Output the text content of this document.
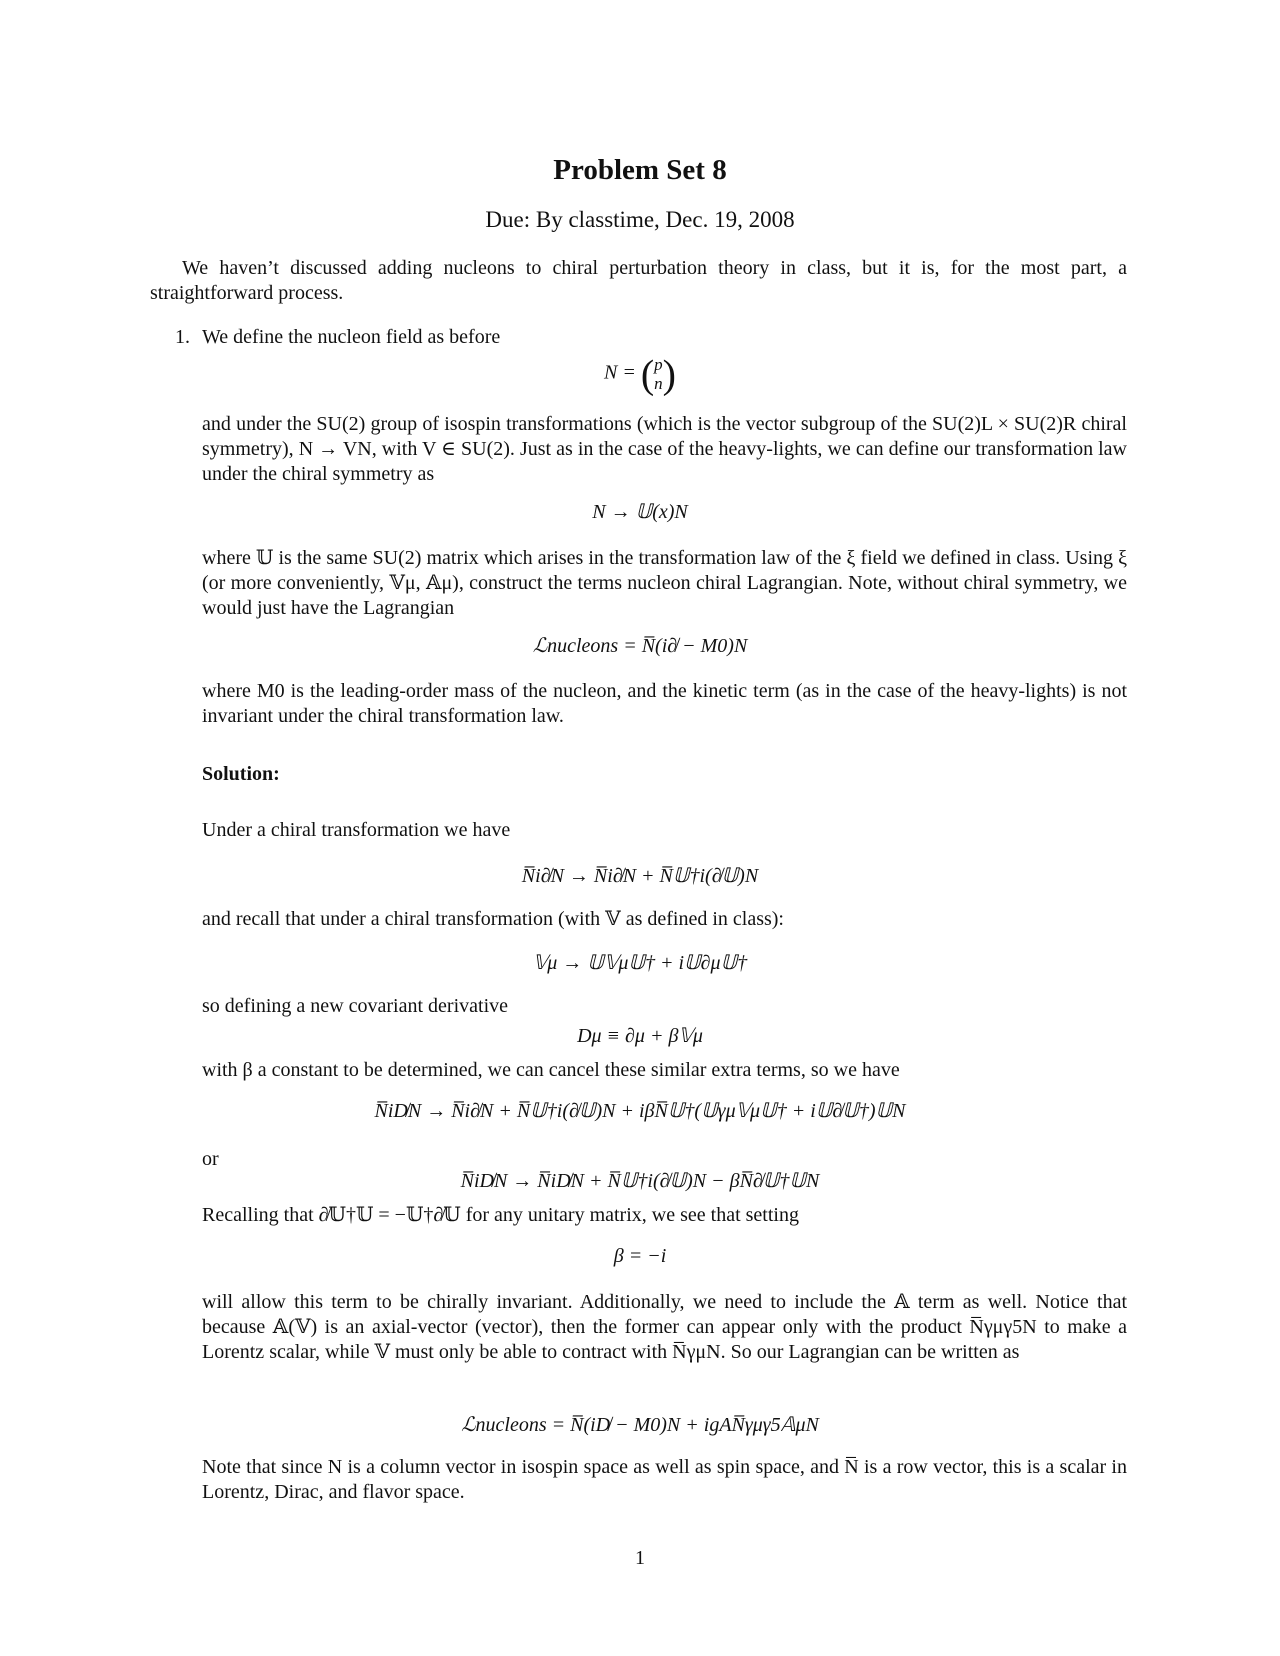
Problem Set 8
Due: By classtime, Dec. 19, 2008

We haven’t discussed adding nucleons to chiral perturbation theory in class, but it is, for the most part, a straightforward process.

1. We define the nucleon field as before

N = (p
n)

and under the SU(2) group of isospin transformations (which is the vector subgroup of the SU(2)L × SU(2)R chiral symmetry), N → VN, with V ∈ SU(2). Just as in the case of the heavy-lights, we can define our transformation law under the chiral symmetry as

N → 𝕌(x)N

where 𝕌 is the same SU(2) matrix which arises in the transformation law of the ξ field we defined in class. Using ξ (or more conveniently, 𝕍μ, 𝔸μ), construct the terms nucleon chiral Lagrangian. Note, without chiral symmetry, we would just have the Lagrangian

ℒnucleons = N̅(i∂̸ − M0)N

where M0 is the leading-order mass of the nucleon, and the kinetic term (as in the case of the heavy-lights) is not invariant under the chiral transformation law.

Solution:

Under a chiral transformation we have

N̅i∂̸N → N̅i∂̸N + N̅𝕌†i(∂̸𝕌)N

and recall that under a chiral transformation (with 𝕍 as defined in class):

𝕍μ → 𝕌𝕍μ𝕌† + i𝕌∂μ𝕌†

so defining a new covariant derivative

Dμ ≡ ∂μ + β𝕍μ

with β a constant to be determined, we can cancel these similar extra terms, so we have

N̅iD̸N → N̅i∂̸N + N̅𝕌†i(∂̸𝕌)N + iβN̅𝕌†(𝕌γμ𝕍μ𝕌† + i𝕌∂̸𝕌†)𝕌N

or

N̅iD̸N → N̅iD̸N + N̅𝕌†i(∂̸𝕌)N − βN̅∂̸𝕌†𝕌N

Recalling that ∂̸𝕌†𝕌 = −𝕌†∂̸𝕌 for any unitary matrix, we see that setting

β = −i

will allow this term to be chirally invariant. Additionally, we need to include the 𝔸 term as well. Notice that because 𝔸(𝕍) is an axial-vector (vector), then the former can appear only with the product N̅γμγ5N to make a Lorentz scalar, while 𝕍 must only be able to contract with N̅γμN. So our Lagrangian can be written as

ℒnucleons = N̅(iD̸ − M0)N + igAN̅γμγ5𝔸μN

Note that since N is a column vector in isospin space as well as spin space, and N̅ is a row vector, this is a scalar in Lorentz, Dirac, and flavor space.

1
